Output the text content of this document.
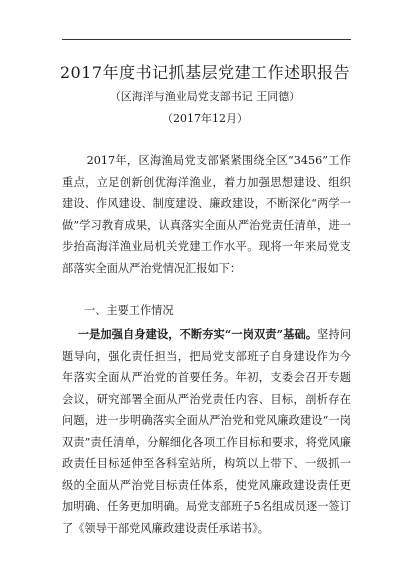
2017年度书记抓基层党建工作述职报告
（区海洋与渔业局党支部书记 王同德）
（2017年12月）
2017年，区海渔局党支部紧紧围绕全区“3456”工作重点，立足创新创优海洋渔业，着力加强思想建设、组织建设、作风建设、制度建设、廉政建设，不断深化“两学一做”学习教育成果，认真落实全面从严治党责任清单，进一步抬高海洋渔业局机关党建工作水平。现将一年来局党支部落实全面从严治党情况汇报如下：
一、主要工作情况
一是加强自身建设，不断夯实“一岗双责”基础。坚持问题导向，强化责任担当，把局党支部班子自身建设作为今年落实全面从严治党的首要任务。年初，支委会召开专题会议，研究部署全面从严治党责任内容、目标，剖析存在问题，进一步明确落实全面从严治党和党风廉政建设“一岗双责”责任清单，分解细化各项工作目标和要求，将党风廉政责任目标延伸至各科室站所，构筑以上带下、一级抓一级的全面从严治党目标责任体系，使党风廉政建设责任更加明确、任务更加明确。局党支部班子5名组成员逐一签订了《领导干部党风廉政建设责任承诺书》。
